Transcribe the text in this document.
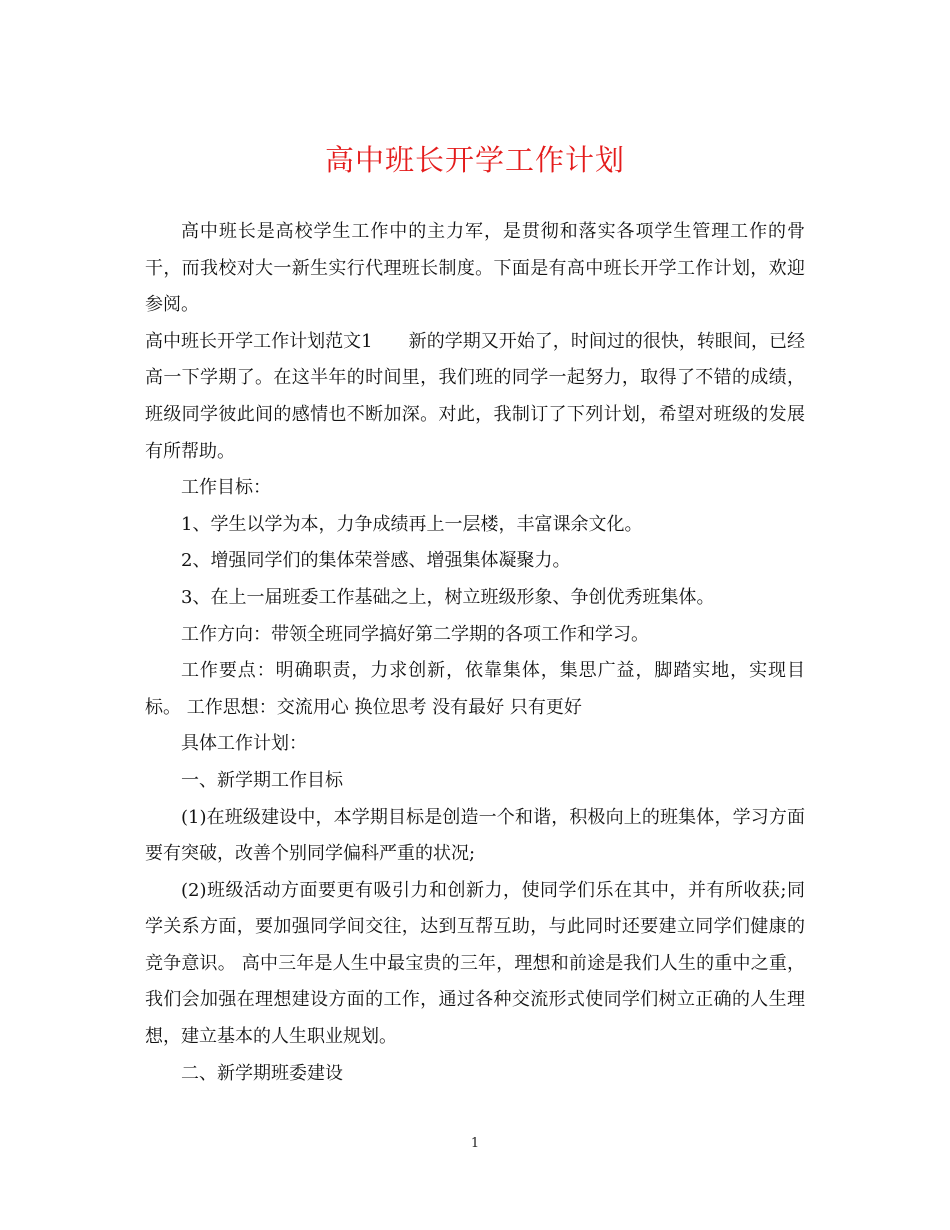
高中班长开学工作计划

高中班长是高校学生工作中的主力军，是贯彻和落实各项学生管理工作的骨干，而我校对大一新生实行代理班长制度。下面是有高中班长开学工作计划，欢迎参阅。

高中班长开学工作计划范文1　　新的学期又开始了，时间过的很快，转眼间，已经高一下学期了。在这半年的时间里，我们班的同学一起努力，取得了不错的成绩，班级同学彼此间的感情也不断加深。对此，我制订了下列计划，希望对班级的发展有所帮助。

工作目标：

1、学生以学为本，力争成绩再上一层楼，丰富课余文化。

2、增强同学们的集体荣誉感、增强集体凝聚力。

3、在上一届班委工作基础之上，树立班级形象、争创优秀班集体。

工作方向：带领全班同学搞好第二学期的各项工作和学习。

工作要点：明确职责，力求创新，依靠集体，集思广益，脚踏实地，实现目标。 工作思想：交流用心 换位思考 没有最好 只有更好

具体工作计划：

一、新学期工作目标

(1)在班级建设中，本学期目标是创造一个和谐，积极向上的班集体，学习方面要有突破，改善个别同学偏科严重的状况;

(2)班级活动方面要更有吸引力和创新力，使同学们乐在其中，并有所收获;同学关系方面，要加强同学间交往，达到互帮互助，与此同时还要建立同学们健康的竞争意识。 高中三年是人生中最宝贵的三年，理想和前途是我们人生的重中之重，我们会加强在理想建设方面的工作，通过各种交流形式使同学们树立正确的人生理想，建立基本的人生职业规划。

二、新学期班委建设

1
